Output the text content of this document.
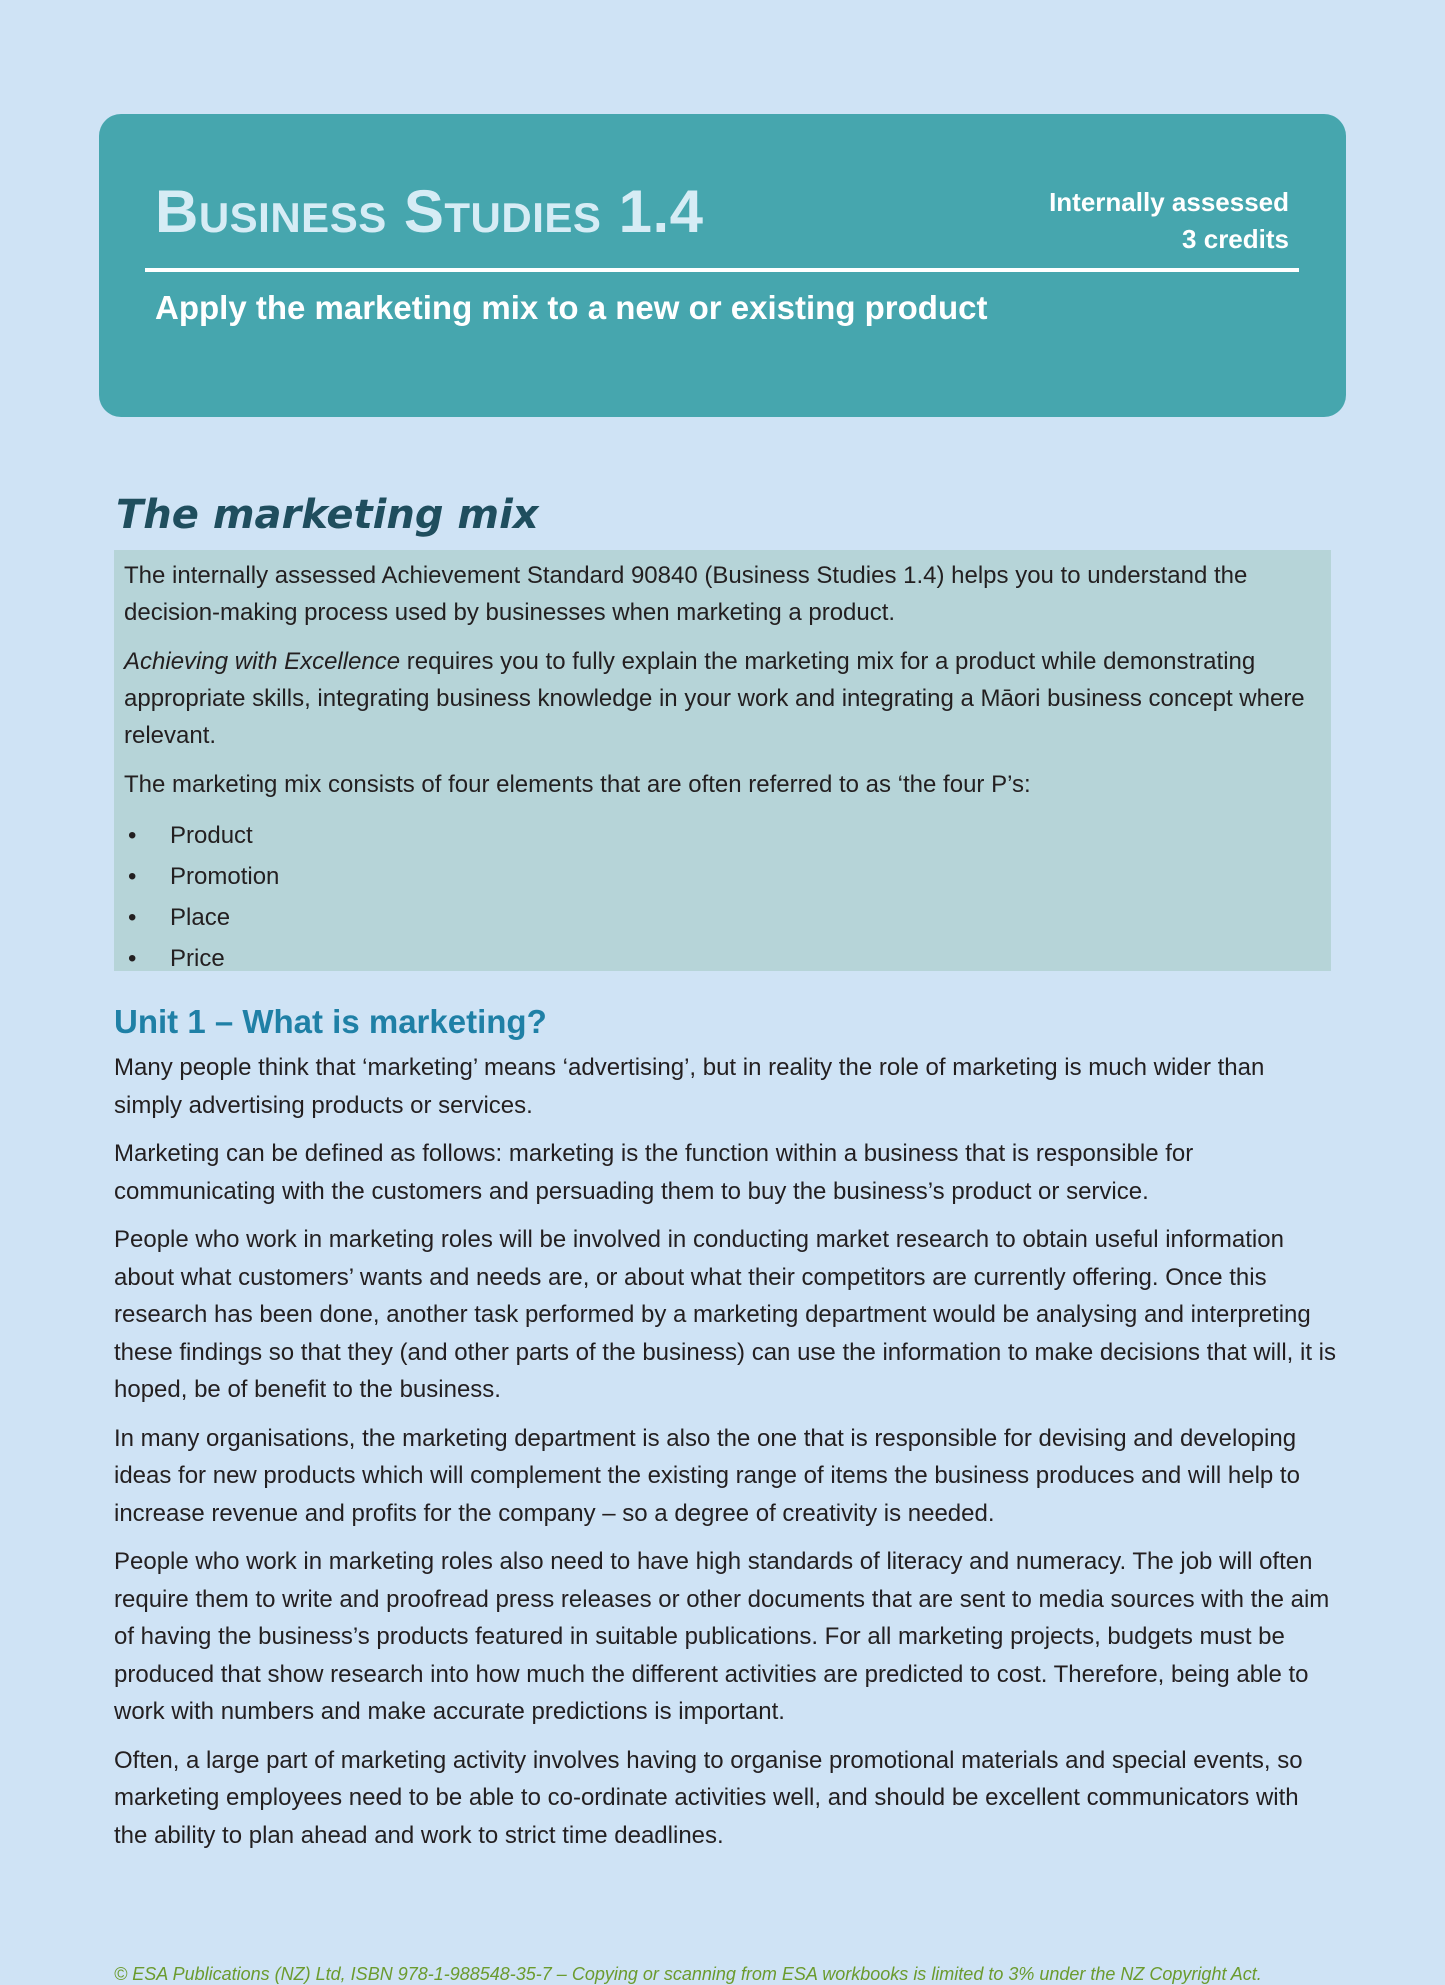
Business Studies 1.4	Internally assessed
3 credits
Apply the marketing mix to a new or existing product
The marketing mix

The internally assessed Achievement Standard 90840 (Business Studies 1.4) helps you to understand the decision-making process used by businesses when marketing a product.

Achieving with Excellence requires you to fully explain the marketing mix for a product while demonstrating appropriate skills, integrating business knowledge in your work and integrating a Māori business concept where relevant.

The marketing mix consists of four elements that are often referred to as ‘the four P’s:

• Product
• Promotion
• Place
• Price
Unit 1 – What is marketing?

Many people think that ‘marketing’ means ‘advertising’, but in reality the role of marketing is much wider than simply advertising products or services.

Marketing can be defined as follows: marketing is the function within a business that is responsible for communicating with the customers and persuading them to buy the business’s product or service.

People who work in marketing roles will be involved in conducting market research to obtain useful information about what customers’ wants and needs are, or about what their competitors are currently offering. Once this research has been done, another task performed by a marketing department would be analysing and interpreting these findings so that they (and other parts of the business) can use the information to make decisions that will, it is hoped, be of benefit to the business.

In many organisations, the marketing department is also the one that is responsible for devising and developing ideas for new products which will complement the existing range of items the business produces and will help to increase revenue and profits for the company – so a degree of creativity is needed.

People who work in marketing roles also need to have high standards of literacy and numeracy. The job will often require them to write and proofread press releases or other documents that are sent to media sources with the aim of having the business’s products featured in suitable publications. For all marketing projects, budgets must be produced that show research into how much the different activities are predicted to cost. Therefore, being able to work with numbers and make accurate predictions is important.

Often, a large part of marketing activity involves having to organise promotional materials and special events, so marketing employees need to be able to co-ordinate activities well, and should be excellent communicators with the ability to plan ahead and work to strict time deadlines.

© ESA Publications (NZ) Ltd, ISBN 978-1-988548-35-7 – Copying or scanning from ESA workbooks is limited to 3% under the NZ Copyright Act.
